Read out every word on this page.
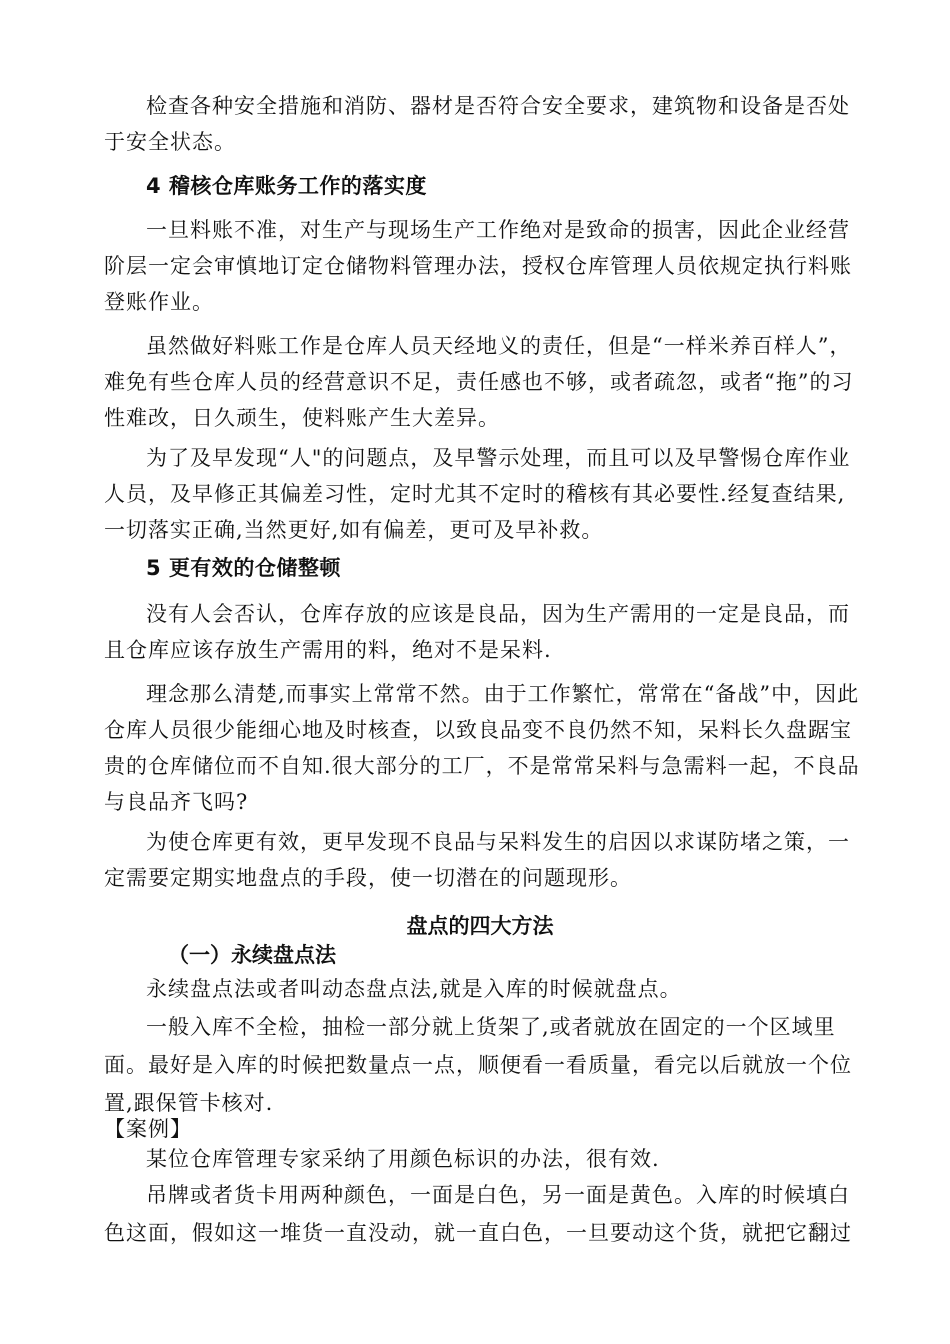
检查各种安全措施和消防、器材是否符合安全要求，建筑物和设备是否处于安全状态。

4 稽核仓库账务工作的落实度

一旦料账不准，对生产与现场生产工作绝对是致命的损害，因此企业经营阶层一定会审慎地订定仓储物料管理办法，授权仓库管理人员依规定执行料账登账作业。

虽然做好料账工作是仓库人员天经地义的责任，但是“一样米养百样人”，难免有些仓库人员的经营意识不足，责任感也不够，或者疏忽，或者“拖”的习性难改，日久顽生，使料账产生大差异。

为了及早发现“人"的问题点，及早警示处理，而且可以及早警惕仓库作业人员，及早修正其偏差习性，定时尤其不定时的稽核有其必要性.经复查结果,一切落实正确,当然更好,如有偏差，更可及早补救。

5 更有效的仓储整顿

没有人会否认，仓库存放的应该是良品，因为生产需用的一定是良品，而且仓库应该存放生产需用的料，绝对不是呆料.

理念那么清楚,而事实上常常不然。由于工作繁忙，常常在“备战”中，因此仓库人员很少能细心地及时核查，以致良品变不良仍然不知，呆料长久盘踞宝贵的仓库储位而不自知.很大部分的工厂，不是常常呆料与急需料一起，不良品与良品齐飞吗?

为使仓库更有效，更早发现不良品与呆料发生的启因以求谋防堵之策，一定需要定期实地盘点的手段，使一切潜在的问题现形。

盘点的四大方法
（一）永续盘点法

永续盘点法或者叫动态盘点法,就是入库的时候就盘点。

一般入库不全检，抽检一部分就上货架了,或者就放在固定的一个区域里面。最好是入库的时候把数量点一点，顺便看一看质量，看完以后就放一个位置,跟保管卡核对.

【案例】

某位仓库管理专家采纳了用颜色标识的办法，很有效.

吊牌或者货卡用两种颜色，一面是白色，另一面是黄色。入库的时候填白色这面，假如这一堆货一直没动，就一直白色，一旦要动这个货，就把它翻过
